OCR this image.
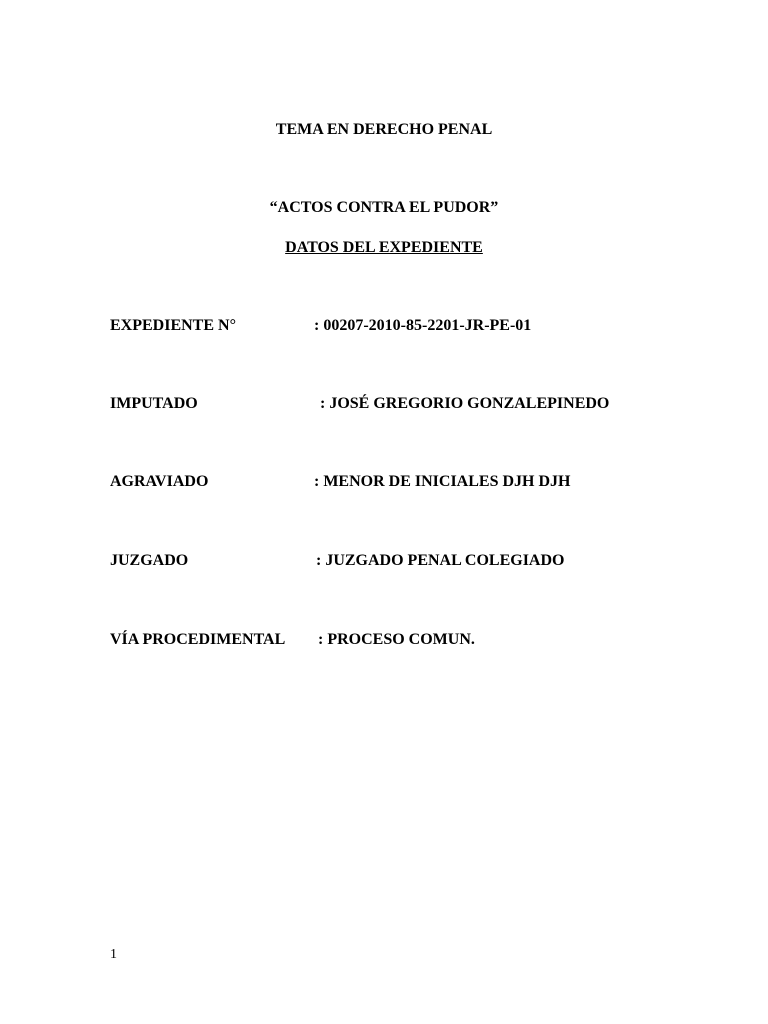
TEMA EN DERECHO PENAL
“ACTOS CONTRA EL PUDOR”
DATOS DEL EXPEDIENTE
EXPEDIENTE N°	: 00207-2010-85-2201-JR-PE-01
IMPUTADO	: JOSÉ GREGORIO GONZALEPINEDO
AGRAVIADO	: MENOR DE INICIALES DJH DJH
JUZGADO	: JUZGADO PENAL COLEGIADO
VÍA PROCEDIMENTAL : PROCESO COMUN.
1
